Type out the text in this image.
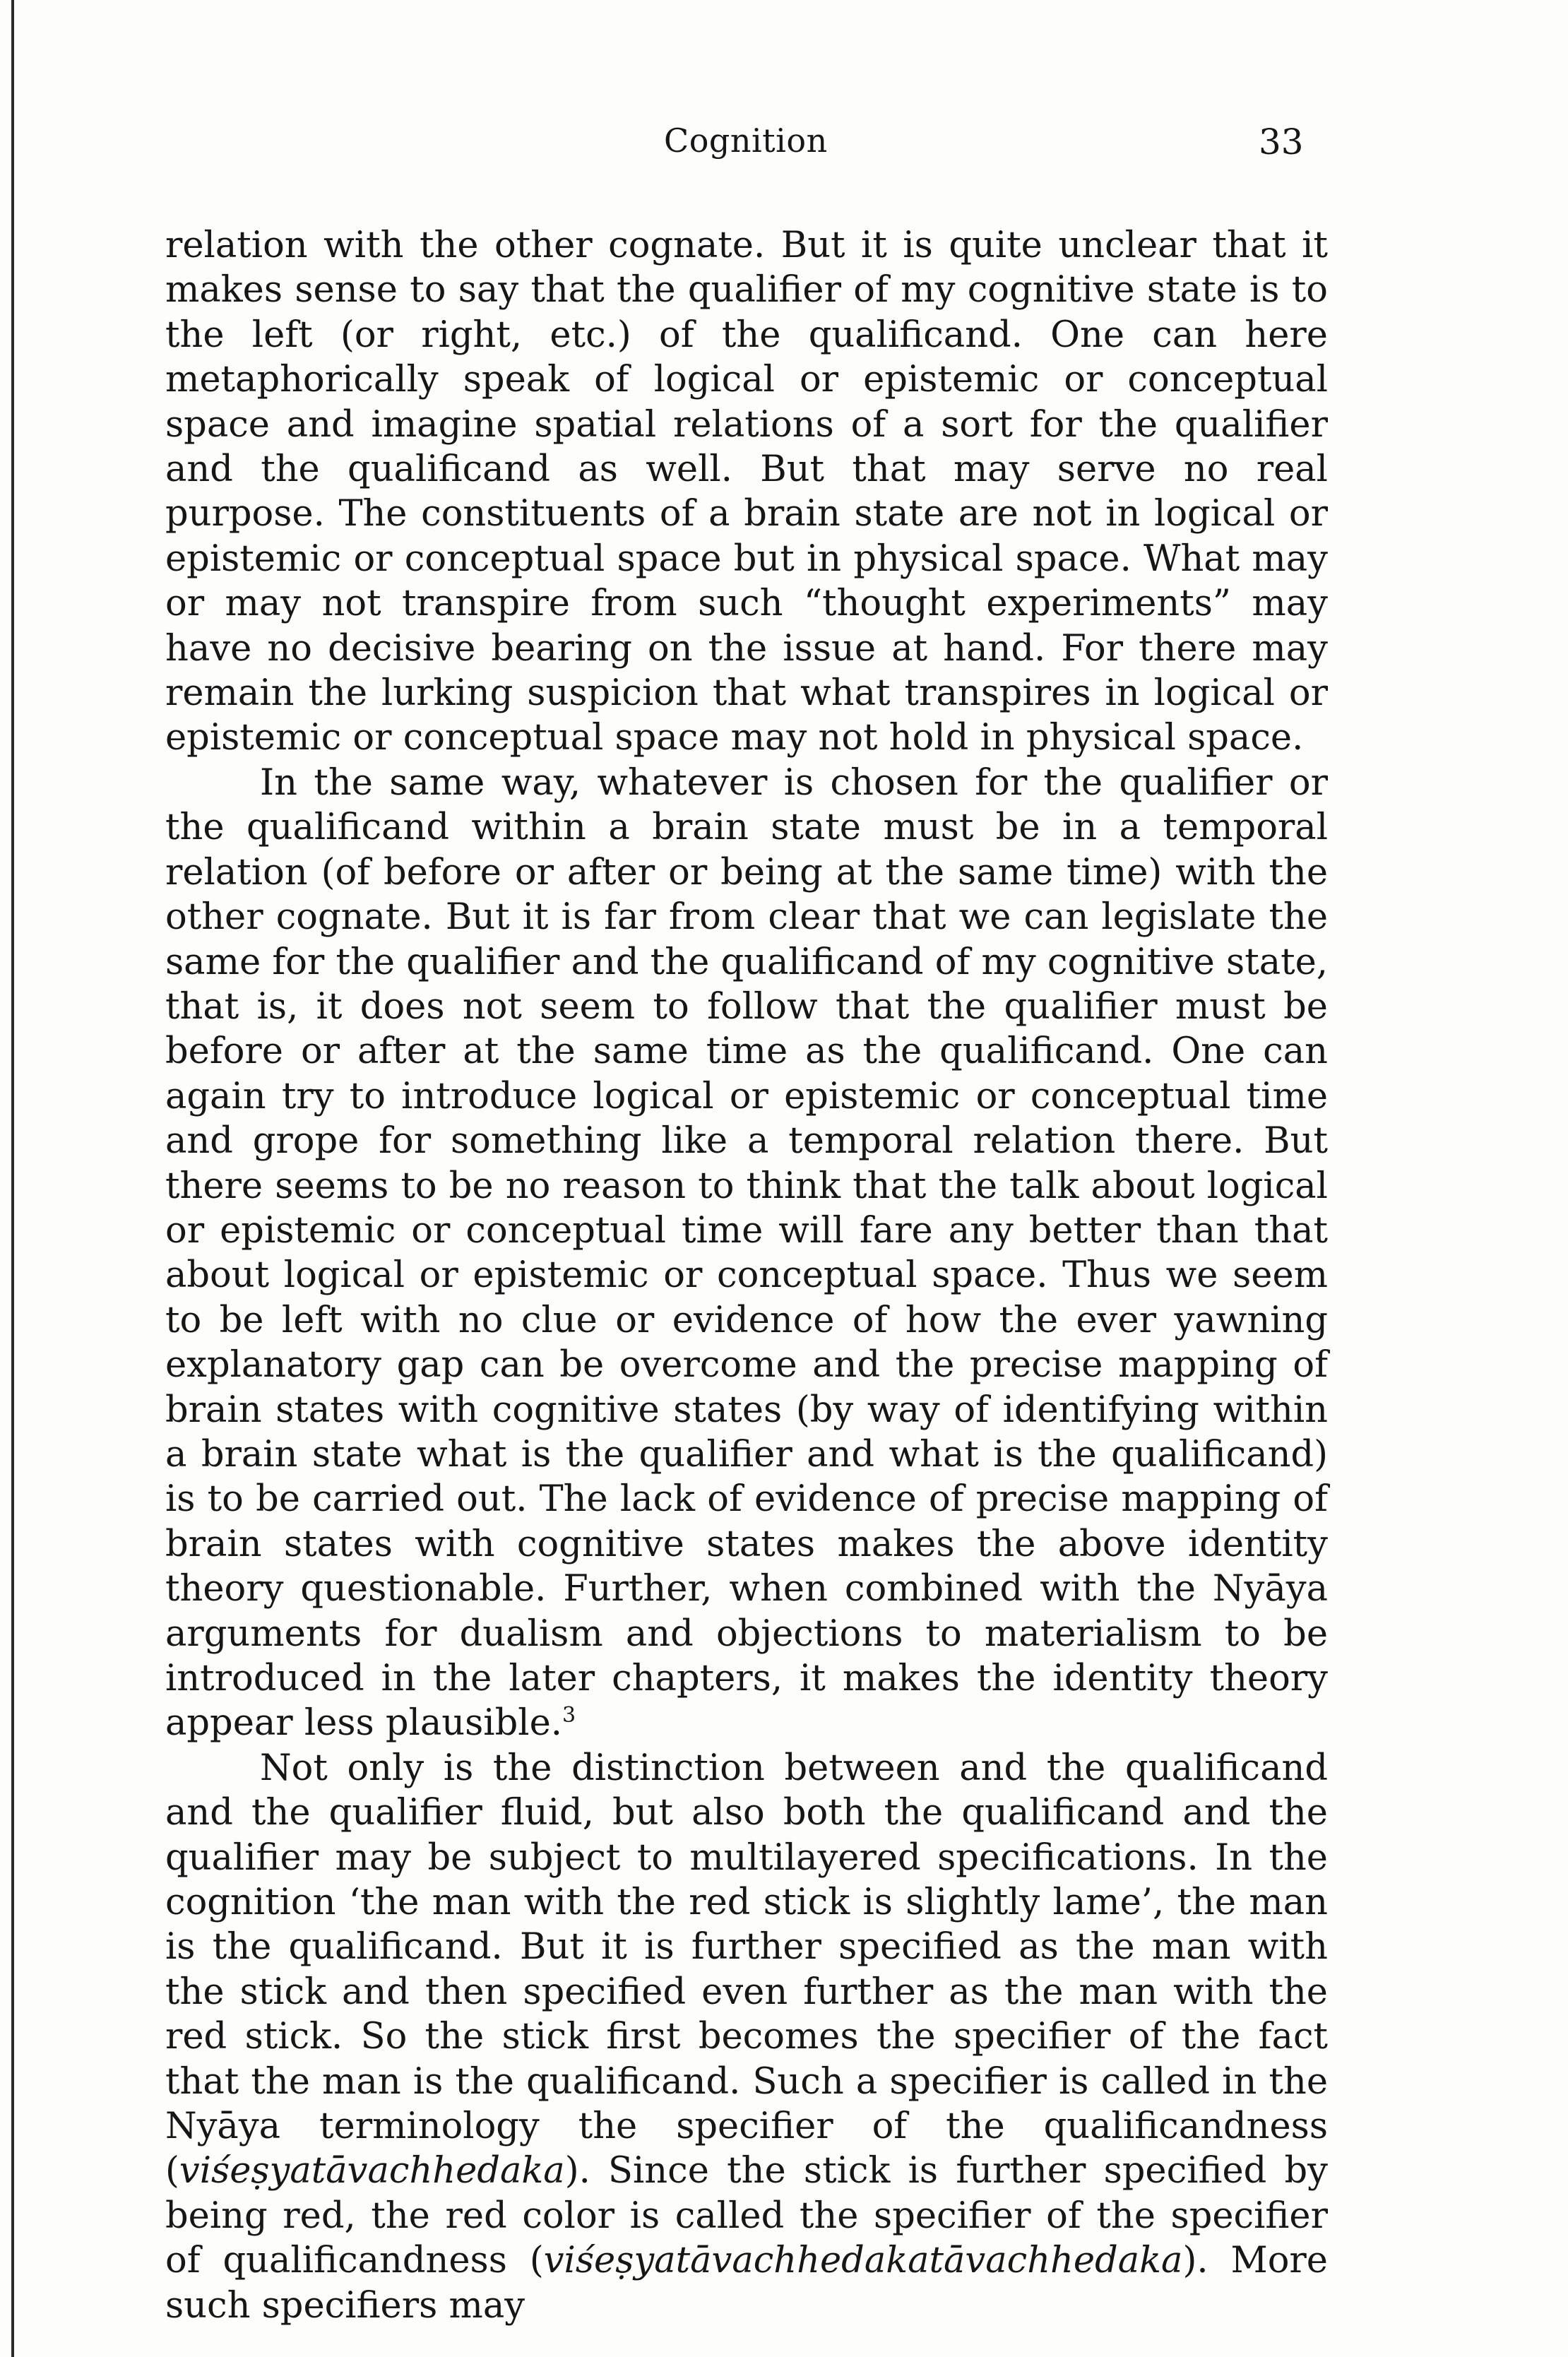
Cognition	33

relation with the other cognate. But it is quite unclear that it makes sense to say that the qualifier of my cognitive state is to the left (or right, etc.) of the qualificand. One can here metaphorically speak of logical or epistemic or conceptual space and imagine spatial relations of a sort for the qualifier and the qualificand as well. But that may serve no real purpose. The constituents of a brain state are not in logical or epistemic or conceptual space but in physical space. What may or may not transpire from such “thought experiments” may have no decisive bearing on the issue at hand. For there may remain the lurking suspicion that what transpires in logical or epistemic or conceptual space may not hold in physical space.

In the same way, whatever is chosen for the qualifier or the qualificand within a brain state must be in a temporal relation (of before or after or being at the same time) with the other cognate. But it is far from clear that we can legislate the same for the qualifier and the qualificand of my cognitive state, that is, it does not seem to follow that the qualifier must be before or after at the same time as the qualificand. One can again try to introduce logical or epistemic or conceptual time and grope for something like a temporal relation there. But there seems to be no reason to think that the talk about logical or epistemic or conceptual time will fare any better than that about logical or epistemic or conceptual space. Thus we seem to be left with no clue or evidence of how the ever yawning explanatory gap can be overcome and the precise mapping of brain states with cognitive states (by way of identifying within a brain state what is the qualifier and what is the qualificand) is to be carried out. The lack of evidence of precise mapping of brain states with cognitive states makes the above identity theory questionable. Further, when combined with the Nyāya arguments for dualism and objections to materialism to be introduced in the later chapters, it makes the identity theory appear less plausible.$^3$

Not only is the distinction between and the qualificand and the qualifier fluid, but also both the qualificand and the qualifier may be subject to multilayered specifications. In the cognition ‘the man with the red stick is slightly lame’, the man is the qualificand. But it is further specified as the man with the stick and then specified even further as the man with the red stick. So the stick first becomes the specifier of the fact that the man is the qualificand. Such a specifier is called in the Nyāya terminology the specifier of the qualificandness (viśeṣyatāvachhedaka). Since the stick is further specified by being red, the red color is called the specifier of the specifier of qualificandness (viśeṣyatāvachhedakatāvachhedaka). More such specifiers may
